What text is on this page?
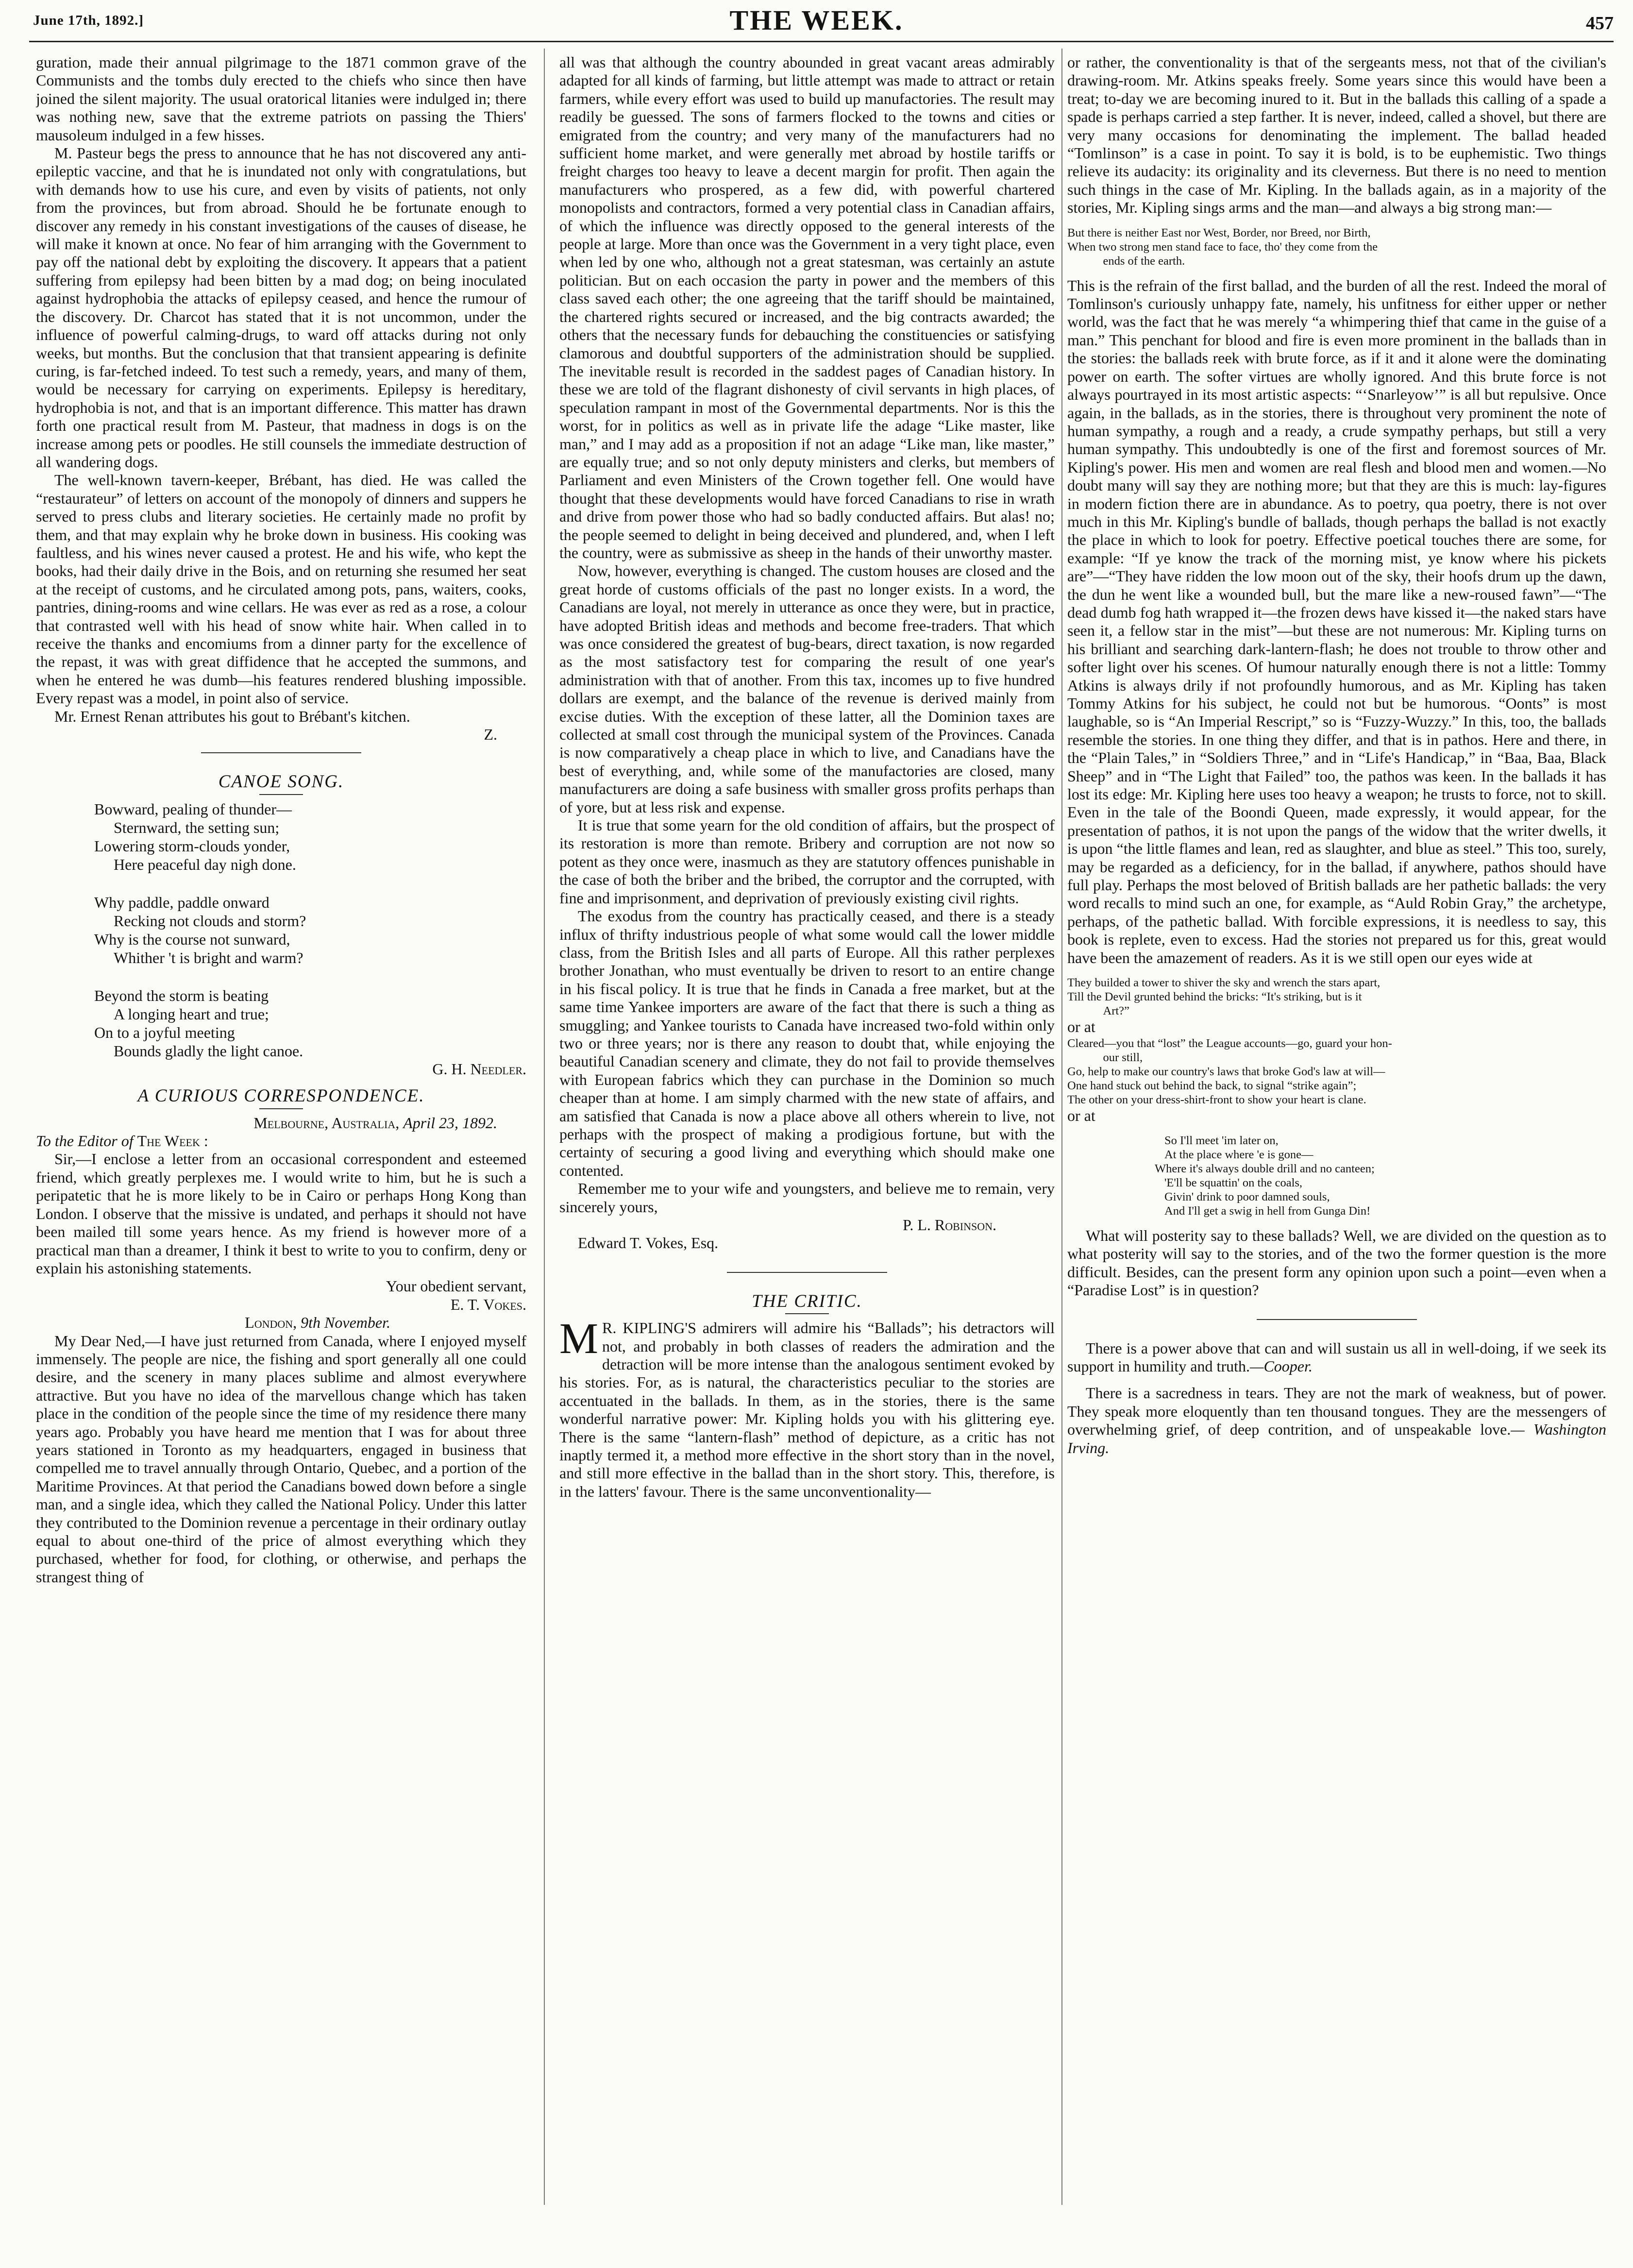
June 17th, 1892.]	THE WEEK.	457

guration, made their annual pilgrimage to the 1871 common grave of the Communists and the tombs duly erected to the chiefs who since then have joined the silent majority. The usual oratorical litanies were indulged in; there was nothing new, save that the extreme patriots on passing the Thiers' mausoleum indulged in a few hisses.

M. Pasteur begs the press to announce that he has not discovered any anti-epileptic vaccine, and that he is inundated not only with congratulations, but with demands how to use his cure, and even by visits of patients, not only from the provinces, but from abroad. Should he be fortunate enough to discover any remedy in his constant investigations of the causes of disease, he will make it known at once. No fear of him arranging with the Government to pay off the national debt by exploiting the discovery. It appears that a patient suffering from epilepsy had been bitten by a mad dog; on being inoculated against hydrophobia the attacks of epilepsy ceased, and hence the rumour of the discovery. Dr. Charcot has stated that it is not uncommon, under the influence of powerful calming-drugs, to ward off attacks during not only weeks, but months. But the conclusion that that transient appearing is definite curing, is far-fetched indeed. To test such a remedy, years, and many of them, would be necessary for carrying on experiments. Epilepsy is hereditary, hydrophobia is not, and that is an important difference. This matter has drawn forth one practical result from M. Pasteur, that madness in dogs is on the increase among pets or poodles. He still counsels the immediate destruction of all wandering dogs.

The well-known tavern-keeper, Brébant, has died. He was called the “restaurateur” of letters on account of the monopoly of dinners and suppers he served to press clubs and literary societies. He certainly made no profit by them, and that may explain why he broke down in business. His cooking was faultless, and his wines never caused a protest. He and his wife, who kept the books, had their daily drive in the Bois, and on returning she resumed her seat at the receipt of customs, and he circulated among pots, pans, waiters, cooks, pantries, dining-rooms and wine cellars. He was ever as red as a rose, a colour that contrasted well with his head of snow white hair. When called in to receive the thanks and encomiums from a dinner party for the excellence of the repast, it was with great diffidence that he accepted the summons, and when he entered he was dumb—his features rendered blushing impossible. Every repast was a model, in point also of service.

Mr. Ernest Renan attributes his gout to Brébant's kitchen.

Z.

CANOE SONG.
Bowward, pealing of thunder—
Sternward, the setting sun;
Lowering storm-clouds yonder,
Here peaceful day nigh done.
Why paddle, paddle onward
Recking not clouds and storm?
Why is the course not sunward,
Whither 't is bright and warm?
Beyond the storm is beating
A longing heart and true;
On to a joyful meeting
Bounds gladly the light canoe.

G. H. Needler.

A CURIOUS CORRESPONDENCE.

Melbourne, Australia, April 23, 1892.

To the Editor of The Week :

Sir,—I enclose a letter from an occasional correspondent and esteemed friend, which greatly perplexes me. I would write to him, but he is such a peripatetic that he is more likely to be in Cairo or perhaps Hong Kong than London. I observe that the missive is undated, and perhaps it should not have been mailed till some years hence. As my friend is however more of a practical man than a dreamer, I think it best to write to you to confirm, deny or explain his astonishing statements.

Your obedient servant,

E. T. Vokes.

London, 9th November.

My Dear Ned,—I have just returned from Canada, where I enjoyed myself immensely. The people are nice, the fishing and sport generally all one could desire, and the scenery in many places sublime and almost everywhere attractive. But you have no idea of the marvellous change which has taken place in the condition of the people since the time of my residence there many years ago. Probably you have heard me mention that I was for about three years stationed in Toronto as my headquarters, engaged in business that compelled me to travel annually through Ontario, Quebec, and a portion of the Maritime Provinces. At that period the Canadians bowed down before a single man, and a single idea, which they called the National Policy. Under this latter they contributed to the Dominion revenue a percentage in their ordinary outlay equal to about one-third of the price of almost everything which they purchased, whether for food, for clothing, or otherwise, and perhaps the strangest thing of

all was that although the country abounded in great vacant areas admirably adapted for all kinds of farming, but little attempt was made to attract or retain farmers, while every effort was used to build up manufactories. The result may readily be guessed. The sons of farmers flocked to the towns and cities or emigrated from the country; and very many of the manufacturers had no sufficient home market, and were generally met abroad by hostile tariffs or freight charges too heavy to leave a decent margin for profit. Then again the manufacturers who prospered, as a few did, with powerful chartered monopolists and contractors, formed a very potential class in Canadian affairs, of which the influence was directly opposed to the general interests of the people at large. More than once was the Government in a very tight place, even when led by one who, although not a great statesman, was certainly an astute politician. But on each occasion the party in power and the members of this class saved each other; the one agreeing that the tariff should be maintained, the chartered rights secured or increased, and the big contracts awarded; the others that the necessary funds for debauching the constituencies or satisfying clamorous and doubtful supporters of the administration should be supplied. The inevitable result is recorded in the saddest pages of Canadian history. In these we are told of the flagrant dishonesty of civil servants in high places, of speculation rampant in most of the Governmental departments. Nor is this the worst, for in politics as well as in private life the adage “Like master, like man,” and I may add as a proposition if not an adage “Like man, like master,” are equally true; and so not only deputy ministers and clerks, but members of Parliament and even Ministers of the Crown together fell. One would have thought that these developments would have forced Canadians to rise in wrath and drive from power those who had so badly conducted affairs. But alas! no; the people seemed to delight in being deceived and plundered, and, when I left the country, were as submissive as sheep in the hands of their unworthy master.

Now, however, everything is changed. The custom houses are closed and the great horde of customs officials of the past no longer exists. In a word, the Canadians are loyal, not merely in utterance as once they were, but in practice, have adopted British ideas and methods and become free-traders. That which was once considered the greatest of bug-bears, direct taxation, is now regarded as the most satisfactory test for comparing the result of one year's administration with that of another. From this tax, incomes up to five hundred dollars are exempt, and the balance of the revenue is derived mainly from excise duties. With the exception of these latter, all the Dominion taxes are collected at small cost through the municipal system of the Provinces. Canada is now comparatively a cheap place in which to live, and Canadians have the best of everything, and, while some of the manufactories are closed, many manufacturers are doing a safe business with smaller gross profits perhaps than of yore, but at less risk and expense.

It is true that some yearn for the old condition of affairs, but the prospect of its restoration is more than remote. Bribery and corruption are not now so potent as they once were, inasmuch as they are statutory offences punishable in the case of both the briber and the bribed, the corruptor and the corrupted, with fine and imprisonment, and deprivation of previously existing civil rights.

The exodus from the country has practically ceased, and there is a steady influx of thrifty industrious people of what some would call the lower middle class, from the British Isles and all parts of Europe. All this rather perplexes brother Jonathan, who must eventually be driven to resort to an entire change in his fiscal policy. It is true that he finds in Canada a free market, but at the same time Yankee importers are aware of the fact that there is such a thing as smuggling; and Yankee tourists to Canada have increased two-fold within only two or three years; nor is there any reason to doubt that, while enjoying the beautiful Canadian scenery and climate, they do not fail to provide themselves with European fabrics which they can purchase in the Dominion so much cheaper than at home. I am simply charmed with the new state of affairs, and am satisfied that Canada is now a place above all others wherein to live, not perhaps with the prospect of making a prodigious fortune, but with the certainty of securing a good living and everything which should make one contented.

Remember me to your wife and youngsters, and believe me to remain, very sincerely yours,

P. L. Robinson.

Edward T. Vokes, Esq.

THE CRITIC.

M R. KIPLING'S admirers will admire his “Ballads”; his detractors will not, and probably in both classes of readers the admiration and the detraction will be more intense than the analogous sentiment evoked by his stories. For, as is natural, the characteristics peculiar to the stories are accentuated in the ballads. In them, as in the stories, there is the same wonderful narrative power: Mr. Kipling holds you with his glittering eye. There is the same “lantern-flash” method of depicture, as a critic has not inaptly termed it, a method more effective in the short story than in the novel, and still more effective in the ballad than in the short story. This, therefore, is in the latters' favour. There is the same unconventionality—

or rather, the conventionality is that of the sergeants mess, not that of the civilian's drawing-room. Mr. Atkins speaks freely. Some years since this would have been a treat; to-day we are becoming inured to it. But in the ballads this calling of a spade a spade is perhaps carried a step farther. It is never, indeed, called a shovel, but there are very many occasions for denominating the implement. The ballad headed “Tomlinson” is a case in point. To say it is bold, is to be euphemistic. Two things relieve its audacity: its originality and its cleverness. But there is no need to mention such things in the case of Mr. Kipling. In the ballads again, as in a majority of the stories, Mr. Kipling sings arms and the man—and always a big strong man:—

But there is neither East nor West, Border, nor Breed, nor Birth,
When two strong men stand face to face, tho' they come from the
   ends of the earth.

This is the refrain of the first ballad, and the burden of all the rest. Indeed the moral of Tomlinson's curiously unhappy fate, namely, his unfitness for either upper or nether world, was the fact that he was merely “a whimpering thief that came in the guise of a man.” This penchant for blood and fire is even more prominent in the ballads than in the stories: the ballads reek with brute force, as if it and it alone were the dominating power on earth. The softer virtues are wholly ignored. And this brute force is not always pourtrayed in its most artistic aspects: “‘Snarleyow’” is all but repulsive. Once again, in the ballads, as in the stories, there is throughout very prominent the note of human sympathy, a rough and a ready, a crude sympathy perhaps, but still a very human sympathy. This undoubtedly is one of the first and foremost sources of Mr. Kipling's power. His men and women are real flesh and blood men and women.—No doubt many will say they are nothing more; but that they are this is much: lay-figures in modern fiction there are in abundance. As to poetry, qua poetry, there is not over much in this Mr. Kipling's bundle of ballads, though perhaps the ballad is not exactly the place in which to look for poetry. Effective poetical touches there are some, for example: “If ye know the track of the morning mist, ye know where his pickets are”—“They have ridden the low moon out of the sky, their hoofs drum up the dawn, the dun he went like a wounded bull, but the mare like a new-roused fawn”—“The dead dumb fog hath wrapped it—the frozen dews have kissed it—the naked stars have seen it, a fellow star in the mist”—but these are not numerous: Mr. Kipling turns on his brilliant and searching dark-lantern-flash; he does not trouble to throw other and softer light over his scenes. Of humour naturally enough there is not a little: Tommy Atkins is always drily if not profoundly humorous, and as Mr. Kipling has taken Tommy Atkins for his subject, he could not but be humorous. “Oonts” is most laughable, so is “An Imperial Rescript,” so is “Fuzzy-Wuzzy.” In this, too, the ballads resemble the stories. In one thing they differ, and that is in pathos. Here and there, in the “Plain Tales,” in “Soldiers Three,” and in “Life's Handicap,” in “Baa, Baa, Black Sheep” and in “The Light that Failed” too, the pathos was keen. In the ballads it has lost its edge: Mr. Kipling here uses too heavy a weapon; he trusts to force, not to skill. Even in the tale of the Boondi Queen, made expressly, it would appear, for the presentation of pathos, it is not upon the pangs of the widow that the writer dwells, it is upon “the little flames and lean, red as slaughter, and blue as steel.” This too, surely, may be regarded as a deficiency, for in the ballad, if anywhere, pathos should have full play. Perhaps the most beloved of British ballads are her pathetic ballads: the very word recalls to mind such an one, for example, as “Auld Robin Gray,” the archetype, perhaps, of the pathetic ballad. With forcible expressions, it is needless to say, this book is replete, even to excess. Had the stories not prepared us for this, great would have been the amazement of readers. As it is we still open our eyes wide at

They builded a tower to shiver the sky and wrench the stars apart,
Till the Devil grunted behind the bricks: “It's striking, but is it
   Art?”

or at

Cleared—you that “lost” the League accounts—go, guard your hon-
   our still,
Go, help to make our country's laws that broke God's law at will—
One hand stuck out behind the back, to signal “strike again”;
The other on your dress-shirt-front to show your heart is clane.

or at

So I'll meet 'im later on,
At the place where 'e is gone—
Where it's always double drill and no canteen;
'E'll be squattin' on the coals,
Givin' drink to poor damned souls,
And I'll get a swig in hell from Gunga Din!

What will posterity say to these ballads? Well, we are divided on the question as to what posterity will say to the stories, and of the two the former question is the more difficult. Besides, can the present form any opinion upon such a point—even when a “Paradise Lost” is in question?

There is a power above that can and will sustain us all in well-doing, if we seek its support in humility and truth.—Cooper.

There is a sacredness in tears. They are not the mark of weakness, but of power. They speak more eloquently than ten thousand tongues. They are the messengers of overwhelming grief, of deep contrition, and of unspeakable love.— Washington Irving.
